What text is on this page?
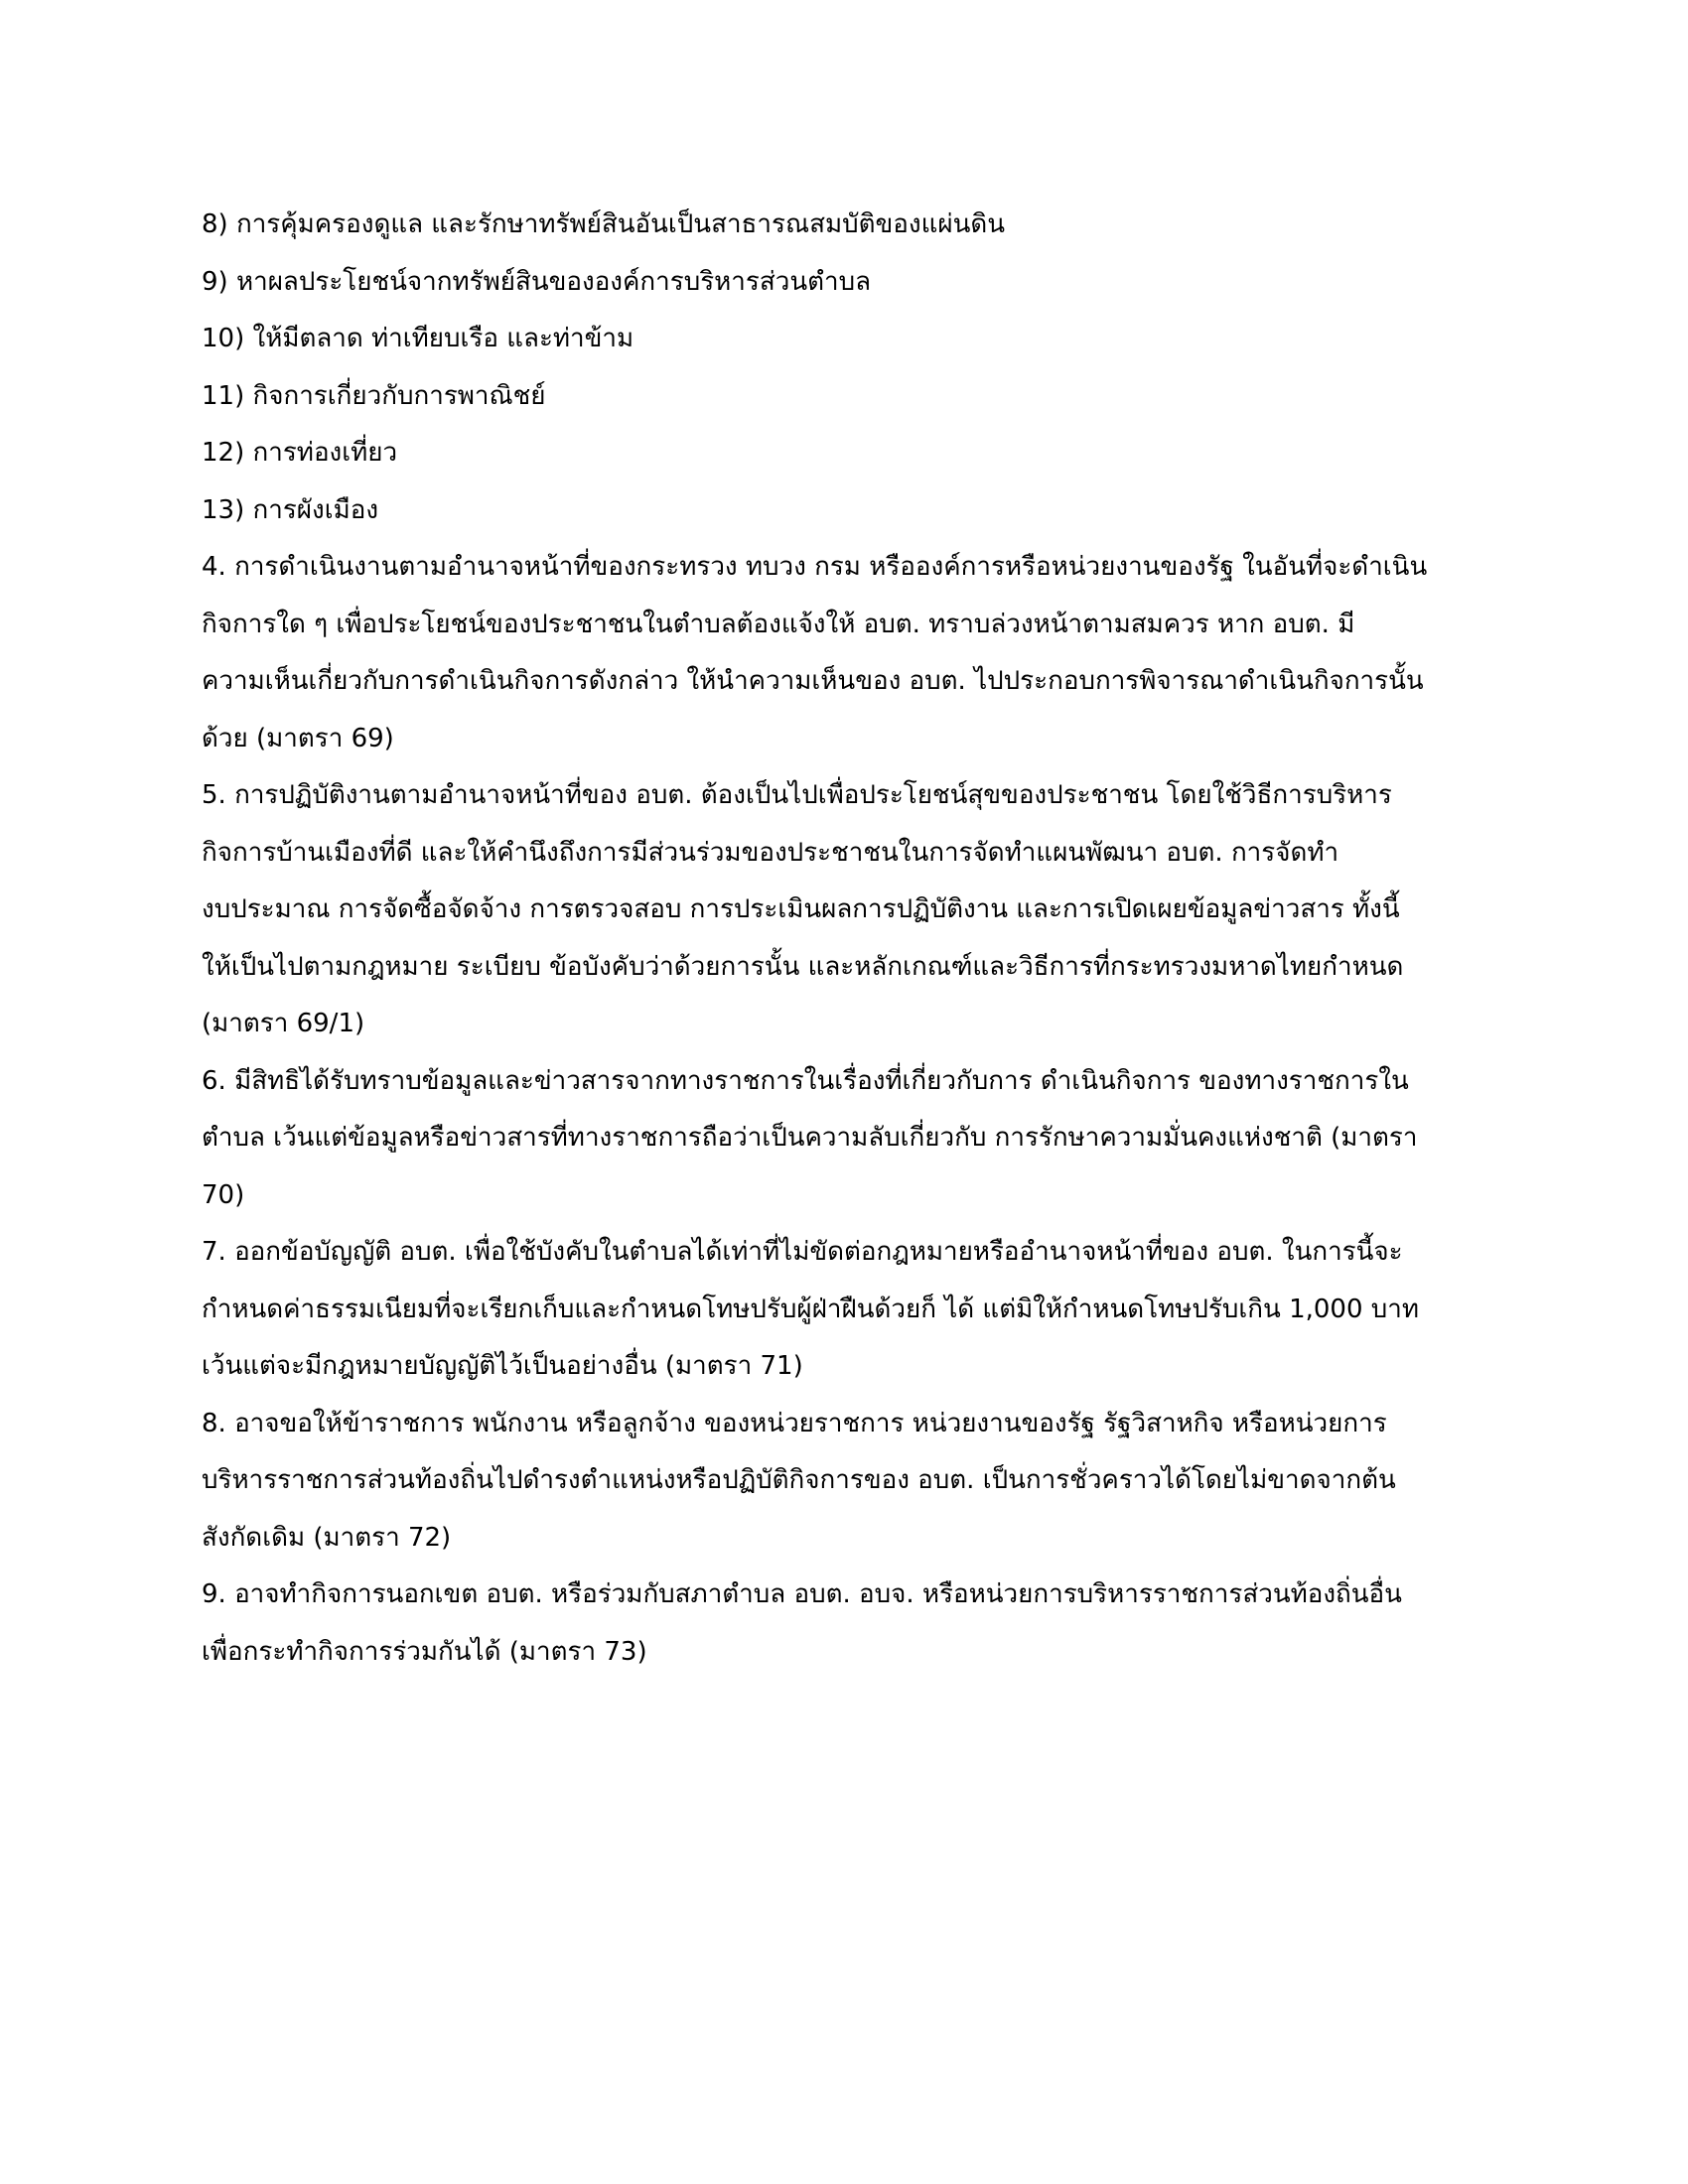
8) การคุ้มครองดูแล และรักษาทรัพย์สินอันเป็นสาธารณสมบัติของแผ่นดิน
9) หาผลประโยชน์จากทรัพย์สินขององค์การบริหารส่วนตำบล
10) ให้มีตลาด ท่าเทียบเรือ และท่าข้าม
11) กิจการเกี่ยวกับการพาณิชย์
12) การท่องเที่ยว
13) การผังเมือง
4. การดำเนินงานตามอำนาจหน้าที่ของกระทรวง ทบวง กรม หรือองค์การหรือหน่วยงานของรัฐ ในอันที่จะดำเนิน
กิจการใด ๆ เพื่อประโยชน์ของประชาชนในตำบลต้องแจ้งให้ อบต. ทราบล่วงหน้าตามสมควร หาก อบต. มี
ความเห็นเกี่ยวกับการดำเนินกิจการดังกล่าว ให้นำความเห็นของ อบต. ไปประกอบการพิจารณาดำเนินกิจการนั้น
ด้วย (มาตรา 69)
5. การปฏิบัติงานตามอำนาจหน้าที่ของ อบต. ต้องเป็นไปเพื่อประโยชน์สุขของประชาชน โดยใช้วิธีการบริหาร
กิจการบ้านเมืองที่ดี และให้คำนึงถึงการมีส่วนร่วมของประชาชนในการจัดทำแผนพัฒนา อบต. การจัดทำ
งบประมาณ การจัดซื้อจัดจ้าง การตรวจสอบ การประเมินผลการปฏิบัติงาน และการเปิดเผยข้อมูลข่าวสาร ทั้งนี้
ให้เป็นไปตามกฎหมาย ระเบียบ ข้อบังคับว่าด้วยการนั้น และหลักเกณฑ์และวิธีการที่กระทรวงมหาดไทยกำหนด
(มาตรา 69/1)
6. มีสิทธิได้รับทราบข้อมูลและข่าวสารจากทางราชการในเรื่องที่เกี่ยวกับการ ดำเนินกิจการ ของทางราชการใน
ตำบล เว้นแต่ข้อมูลหรือข่าวสารที่ทางราชการถือว่าเป็นความลับเกี่ยวกับ การรักษาความมั่นคงแห่งชาติ (มาตรา
70)
7. ออกข้อบัญญัติ อบต. เพื่อใช้บังคับในตำบลได้เท่าที่ไม่ขัดต่อกฎหมายหรืออำนาจหน้าที่ของ อบต. ในการนี้จะ
กำหนดค่าธรรมเนียมที่จะเรียกเก็บและกำหนดโทษปรับผู้ฝ่าฝืนด้วยก็ ได้ แต่มิให้กำหนดโทษปรับเกิน 1,000 บาท
เว้นแต่จะมีกฎหมายบัญญัติไว้เป็นอย่างอื่น (มาตรา 71)
8. อาจขอให้ข้าราชการ พนักงาน หรือลูกจ้าง ของหน่วยราชการ หน่วยงานของรัฐ รัฐวิสาหกิจ หรือหน่วยการ
บริหารราชการส่วนท้องถิ่นไปดำรงตำแหน่งหรือปฏิบัติกิจการของ อบต. เป็นการชั่วคราวได้โดยไม่ขาดจากต้น
สังกัดเดิม (มาตรา 72)
9. อาจทำกิจการนอกเขต อบต. หรือร่วมกับสภาตำบล อบต. อบจ. หรือหน่วยการบริหารราชการส่วนท้องถิ่นอื่น
เพื่อกระทำกิจการร่วมกันได้ (มาตรา 73)
